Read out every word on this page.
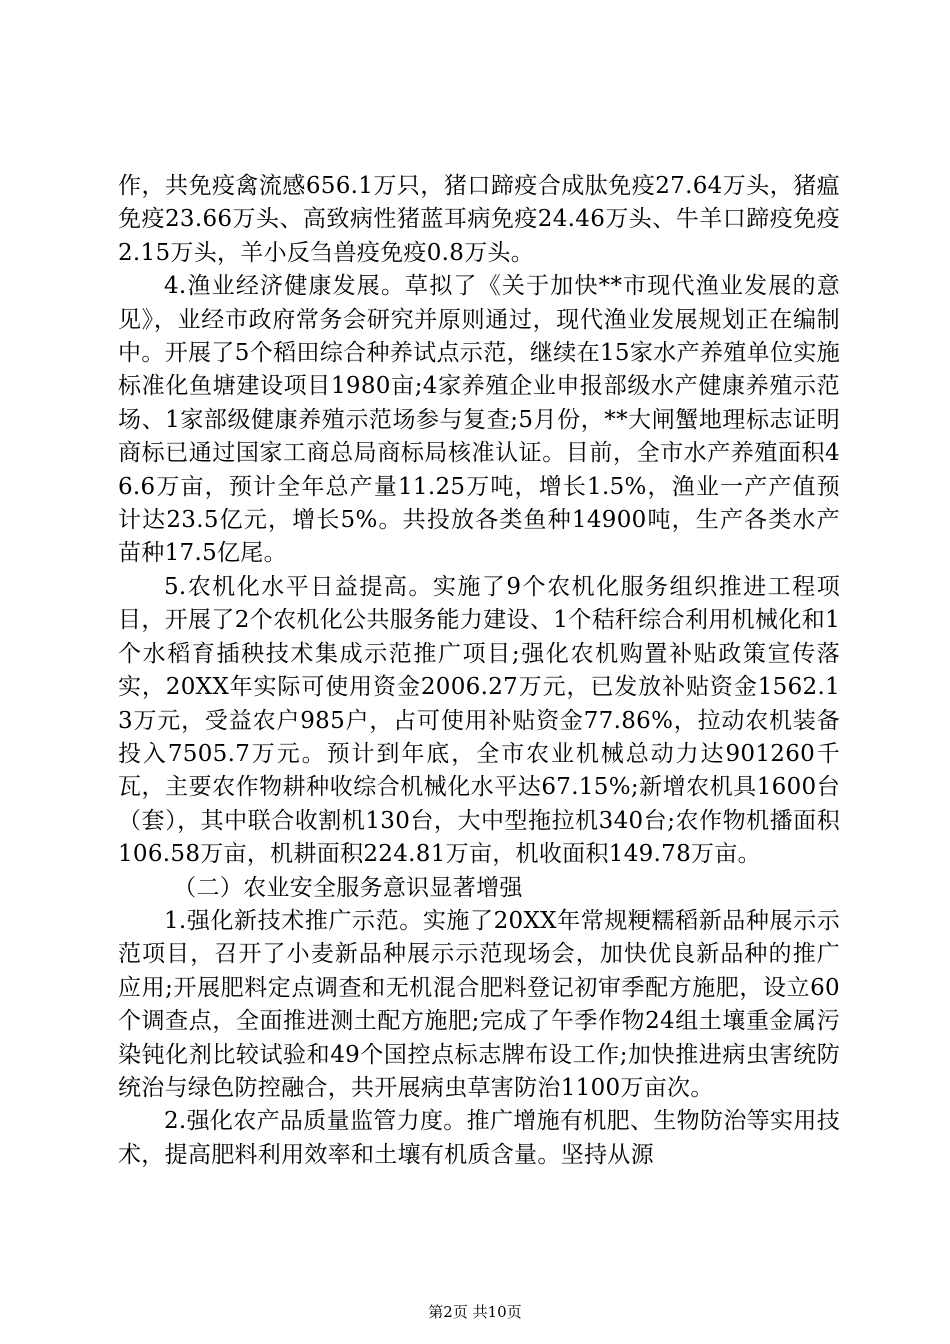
作，共免疫禽流感656.1万只，猪口蹄疫合成肽免疫27.64万头，猪瘟免疫23.66万头、高致病性猪蓝耳病免疫24.46万头、牛羊口蹄疫免疫2.15万头，羊小反刍兽疫免疫0.8万头。

4.渔业经济健康发展。草拟了《关于加快**市现代渔业发展的意见》，业经市政府常务会研究并原则通过，现代渔业发展规划正在编制中。开展了5个稻田综合种养试点示范，继续在15家水产养殖单位实施标准化鱼塘建设项目1980亩;4家养殖企业申报部级水产健康养殖示范场、1家部级健康养殖示范场参与复查;5月份，**大闸蟹地理标志证明商标已通过国家工商总局商标局核准认证。目前，全市水产养殖面积46.6万亩，预计全年总产量11.25万吨，增长1.5%，渔业一产产值预计达23.5亿元，增长5%。共投放各类鱼种14900吨，生产各类水产苗种17.5亿尾。

5.农机化水平日益提高。实施了9个农机化服务组织推进工程项目，开展了2个农机化公共服务能力建设、1个秸秆综合利用机械化和1个水稻育插秧技术集成示范推广项目;强化农机购置补贴政策宣传落实，20XX年实际可使用资金2006.27万元，已发放补贴资金1562.13万元，受益农户985户，占可使用补贴资金77.86%，拉动农机装备投入7505.7万元。预计到年底，全市农业机械总动力达901260千瓦，主要农作物耕种收综合机械化水平达67.15%;新增农机具1600台（套），其中联合收割机130台，大中型拖拉机340台;农作物机播面积106.58万亩，机耕面积224.81万亩，机收面积149.78万亩。

（二）农业安全服务意识显著增强

1.强化新技术推广示范。实施了20XX年常规粳糯稻新品种展示示范项目，召开了小麦新品种展示示范现场会，加快优良新品种的推广应用;开展肥料定点调查和无机混合肥料登记初审季配方施肥，设立60个调查点，全面推进测土配方施肥;完成了午季作物24组土壤重金属污染钝化剂比较试验和49个国控点标志牌布设工作;加快推进病虫害统防统治与绿色防控融合，共开展病虫草害防治1100万亩次。

2.强化农产品质量监管力度。推广增施有机肥、生物防治等实用技术，提高肥料利用效率和土壤有机质含量。坚持从源

第2页 共10页
